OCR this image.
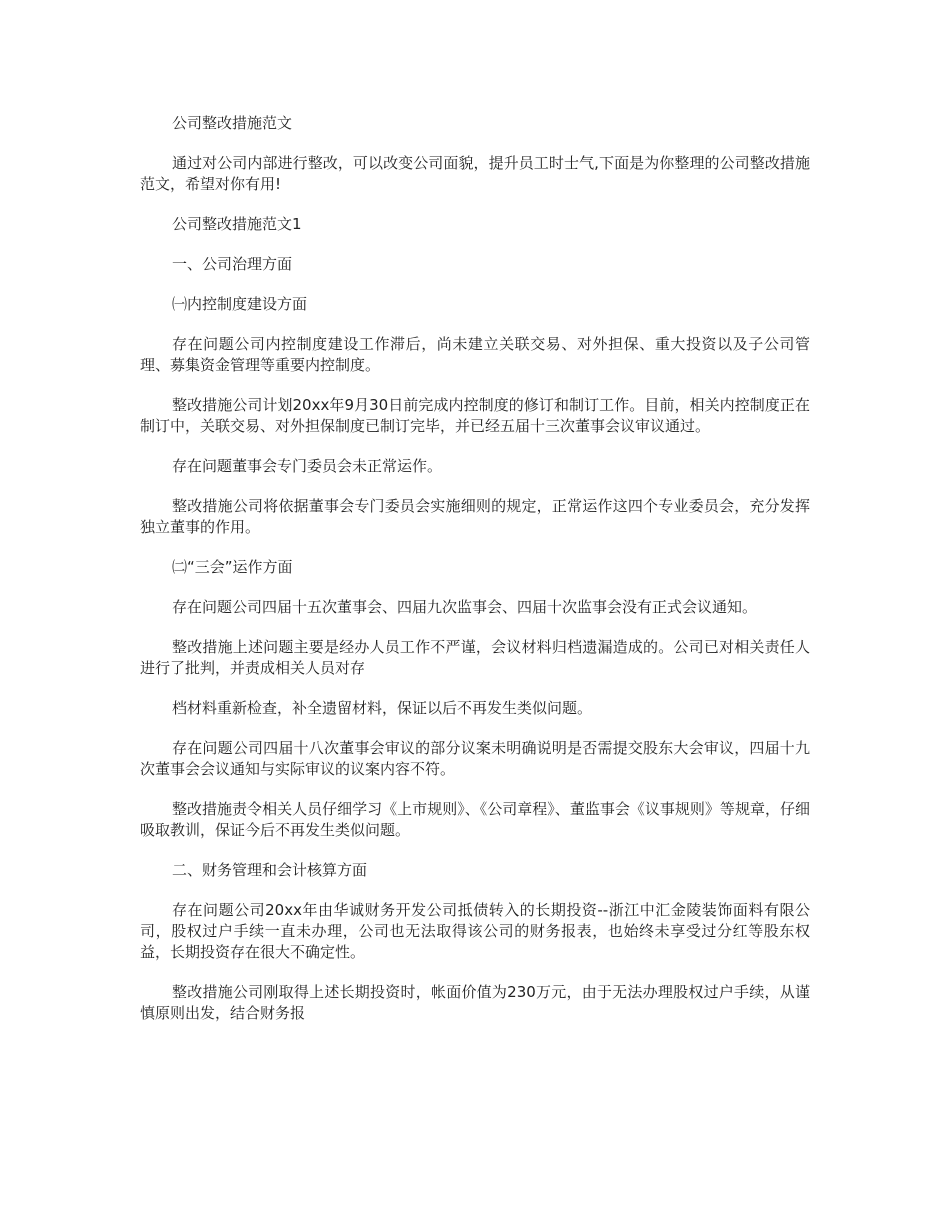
公司整改措施范文

通过对公司内部进行整改，可以改变公司面貌，提升员工时士气,下面是为你整理的公司整改措施范文，希望对你有用!

公司整改措施范文1

一、公司治理方面

㈠内控制度建设方面

存在问题公司内控制度建设工作滞后，尚未建立关联交易、对外担保、重大投资以及子公司管理、募集资金管理等重要内控制度。

整改措施公司计划20xx年9月30日前完成内控制度的修订和制订工作。目前，相关内控制度正在制订中，关联交易、对外担保制度已制订完毕，并已经五届十三次董事会议审议通过。

存在问题董事会专门委员会未正常运作。

整改措施公司将依据董事会专门委员会实施细则的规定，正常运作这四个专业委员会，充分发挥独立董事的作用。

㈡“三会”运作方面

存在问题公司四届十五次董事会、四届九次监事会、四届十次监事会没有正式会议通知。

整改措施上述问题主要是经办人员工作不严谨，会议材料归档遗漏造成的。公司已对相关责任人进行了批判，并责成相关人员对存

档材料重新检查，补全遗留材料，保证以后不再发生类似问题。

存在问题公司四届十八次董事会审议的部分议案未明确说明是否需提交股东大会审议，四届十九次董事会会议通知与实际审议的议案内容不符。

整改措施责令相关人员仔细学习《上市规则》、《公司章程》、董监事会《议事规则》等规章，仔细吸取教训，保证今后不再发生类似问题。

二、财务管理和会计核算方面

存在问题公司20xx年由华诚财务开发公司抵债转入的长期投资--浙江中汇金陵装饰面料有限公司，股权过户手续一直未办理，公司也无法取得该公司的财务报表，也始终未享受过分红等股东权益，长期投资存在很大不确定性。

整改措施公司刚取得上述长期投资时，帐面价值为230万元，由于无法办理股权过户手续，从谨慎原则出发，结合财务报
